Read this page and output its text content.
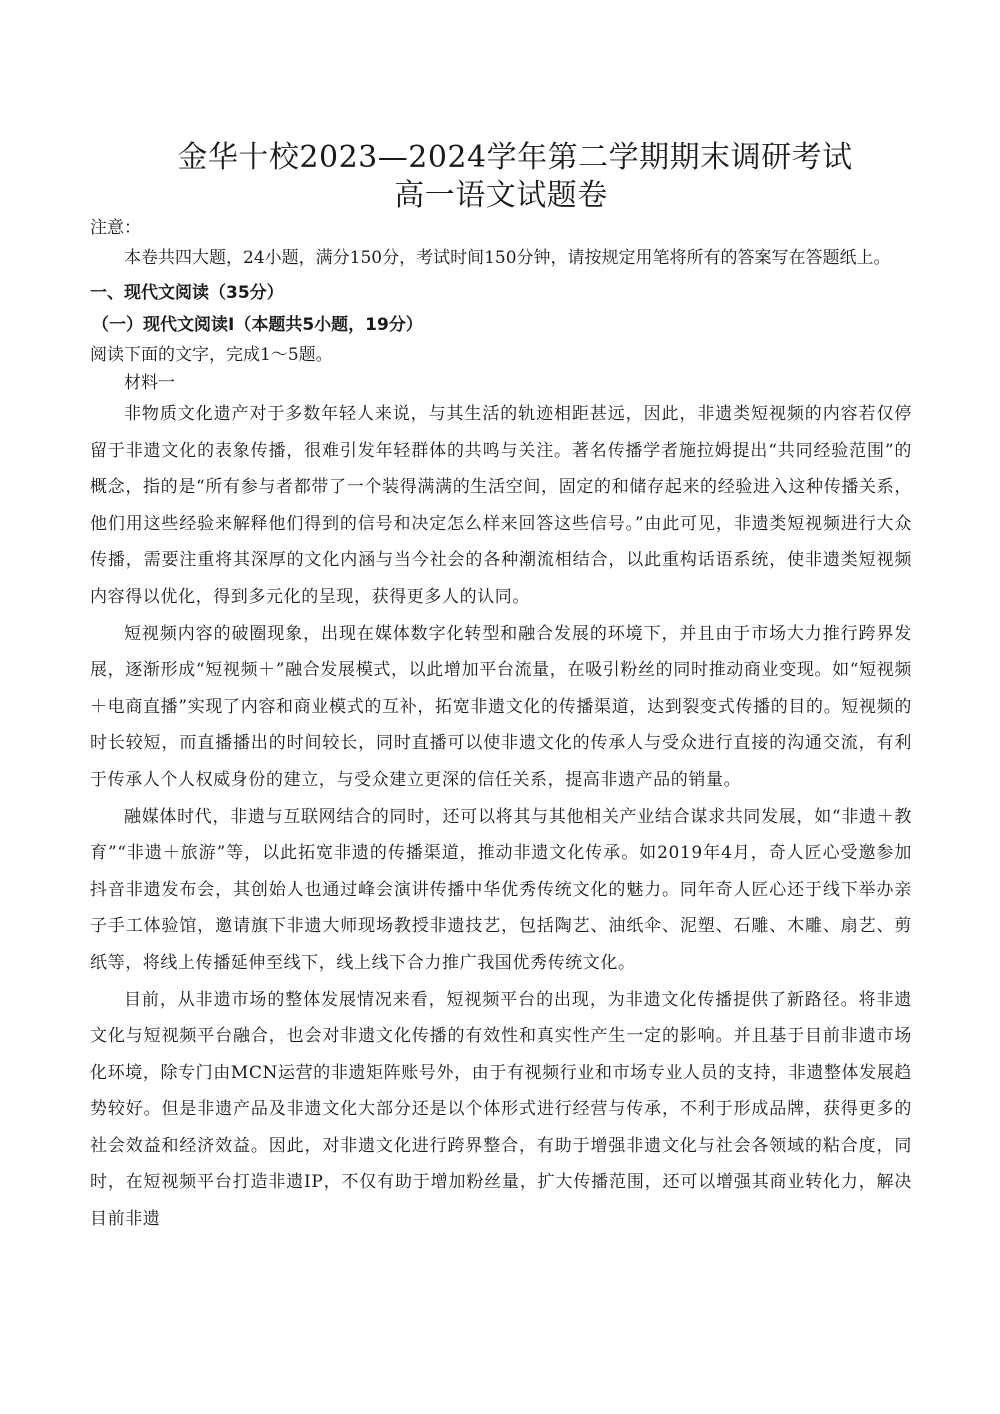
金华十校2023—2024学年第二学期期末调研考试
高一语文试题卷
注意：

本卷共四大题，24小题，满分150分，考试时间150分钟，请按规定用笔将所有的答案写在答题纸上。

一、现代文阅读（35分）
（一）现代文阅读Ⅰ（本题共5小题，19分）

阅读下面的文字，完成1～5题。

材料一

非物质文化遗产对于多数年轻人来说，与其生活的轨迹相距甚远，因此，非遗类短视频的内容若仅停留于非遗文化的表象传播，很难引发年轻群体的共鸣与关注。著名传播学者施拉姆提出“共同经验范围”的概念，指的是“所有参与者都带了一个装得满满的生活空间，固定的和储存起来的经验进入这种传播关系，他们用这些经验来解释他们得到的信号和决定怎么样来回答这些信号。”由此可见，非遗类短视频进行大众传播，需要注重将其深厚的文化内涵与当今社会的各种潮流相结合，以此重构话语系统，使非遗类短视频内容得以优化，得到多元化的呈现，获得更多人的认同。

短视频内容的破圈现象，出现在媒体数字化转型和融合发展的环境下，并且由于市场大力推行跨界发展，逐渐形成“短视频＋”融合发展模式，以此增加平台流量，在吸引粉丝的同时推动商业变现。如“短视频＋电商直播”实现了内容和商业模式的互补，拓宽非遗文化的传播渠道，达到裂变式传播的目的。短视频的时长较短，而直播播出的时间较长，同时直播可以使非遗文化的传承人与受众进行直接的沟通交流，有利于传承人个人权威身份的建立，与受众建立更深的信任关系，提高非遗产品的销量。

融媒体时代，非遗与互联网结合的同时，还可以将其与其他相关产业结合谋求共同发展，如“非遗＋教育”“非遗＋旅游”等，以此拓宽非遗的传播渠道，推动非遗文化传承。如2019年4月，奇人匠心受邀参加抖音非遗发布会，其创始人也通过峰会演讲传播中华优秀传统文化的魅力。同年奇人匠心还于线下举办亲子手工体验馆，邀请旗下非遗大师现场教授非遗技艺，包括陶艺、油纸伞、泥塑、石雕、木雕、扇艺、剪纸等，将线上传播延伸至线下，线上线下合力推广我国优秀传统文化。

目前，从非遗市场的整体发展情况来看，短视频平台的出现，为非遗文化传播提供了新路径。将非遗文化与短视频平台融合，也会对非遗文化传播的有效性和真实性产生一定的影响。并且基于目前非遗市场化环境，除专门由MCN运营的非遗矩阵账号外，由于有视频行业和市场专业人员的支持，非遗整体发展趋势较好。但是非遗产品及非遗文化大部分还是以个体形式进行经营与传承，不利于形成品牌，获得更多的社会效益和经济效益。因此，对非遗文化进行跨界整合，有助于增强非遗文化与社会各领域的粘合度，同时，在短视频平台打造非遗IP，不仅有助于增加粉丝量，扩大传播范围，还可以增强其商业转化力，解决目前非遗
